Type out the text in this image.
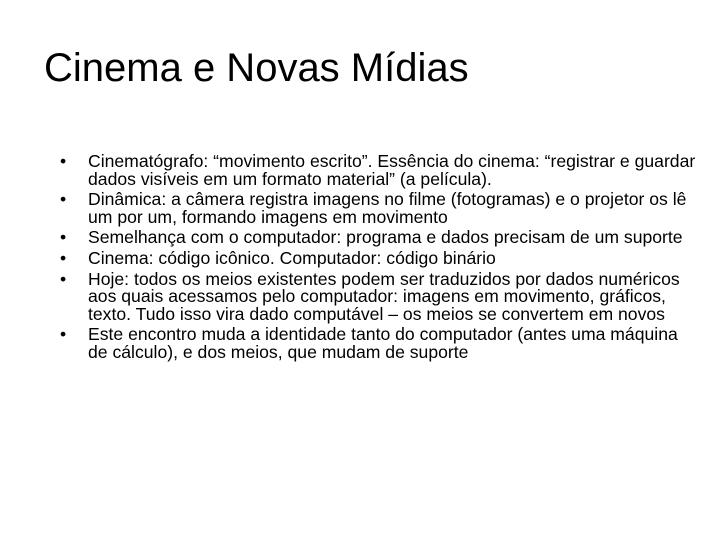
Cinema e Novas Mídias
•	Cinematógrafo: “movimento escrito”. Essência do cinema: “registrar e guardar dados visíveis em um formato material” (a película).
•	Dinâmica: a câmera registra imagens no filme (fotogramas) e o projetor os lê um por um, formando imagens em movimento
•	Semelhança com o computador: programa e dados precisam de um suporte
•	Cinema: código icônico. Computador: código binário
•	Hoje: todos os meios existentes podem ser traduzidos por dados numéricos aos quais acessamos pelo computador: imagens em movimento, gráficos, texto. Tudo isso vira dado computável – os meios se convertem em novos
•	Este encontro muda a identidade tanto do computador (antes uma máquina de cálculo), e dos meios, que mudam de suporte
